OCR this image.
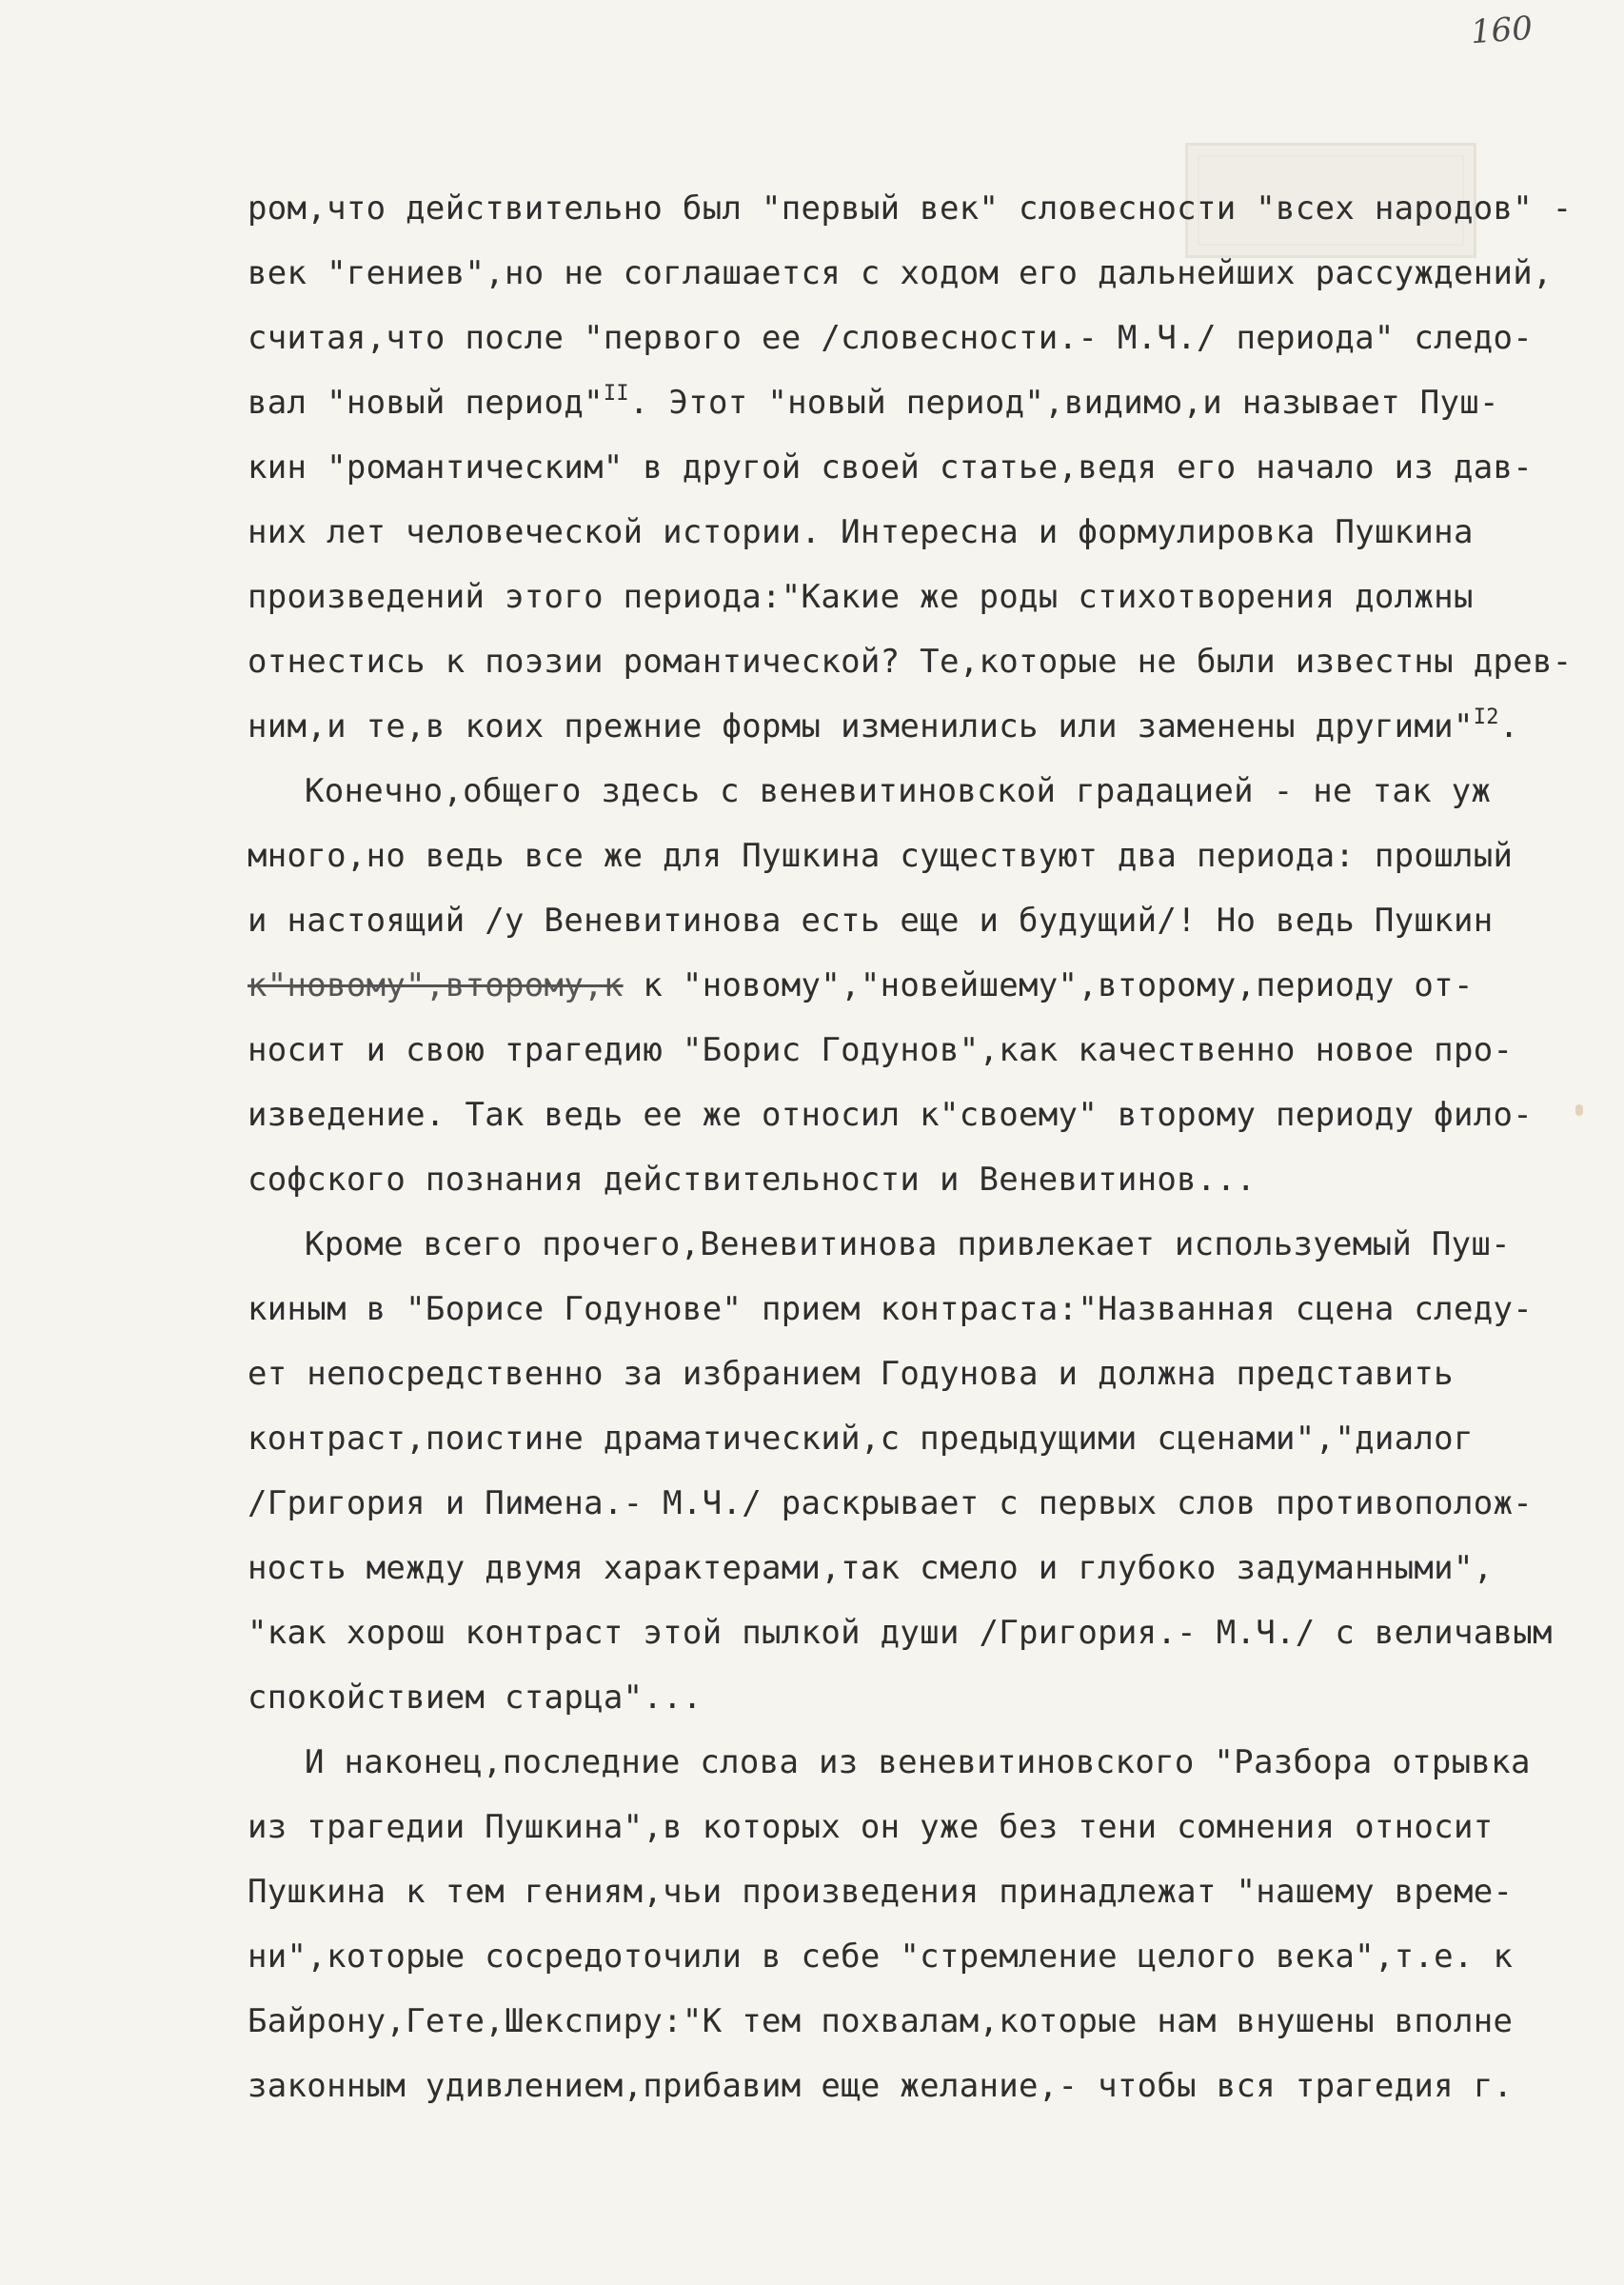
160
ром,что действительно был "первый век" словесности "всех народов" -
век "гениев",но не соглашается с ходом его дальнейших рассуждений,
считая,что после "первого ее /словесности.- М.Ч./ периода" следо-
вал "новый период"$^{II}$. Этот "новый период",видимо,и называет Пуш-
кин "романтическим" в другой своей статье,ведя его начало из дав-
них лет человеческой истории. Интересна и формулировка Пушкина
произведений этого периода:"Какие же роды стихотворения должны
отнестись к поэзии романтической? Те,которые не были известны древ-
ним,и те,в коих прежние формы изменились или заменены другими"$^{I2}$.
Конечно,общего здесь с веневитиновской градацией - не так уж
много,но ведь все же для Пушкина существуют два периода: прошлый
и настоящий /у Веневитинова есть еще и будущий/! Но ведь Пушкин
к"новому",второму,к к "новому","новейшему",второму,периоду от-
носит и свою трагедию "Борис Годунов",как качественно новое про-
изведение. Так ведь ее же относил к"своему" второму периоду фило-
софского познания действительности и Веневитинов...
Кроме всего прочего,Веневитинова привлекает используемый Пуш-
киным в "Борисе Годунове" прием контраста:"Названная сцена следу-
ет непосредственно за избранием Годунова и должна представить
контраст,поистине драматический,с предыдущими сценами","диалог
/Григория и Пимена.- М.Ч./ раскрывает с первых слов противополож-
ность между двумя характерами,так смело и глубоко задуманными",
"как хорош контраст этой пылкой души /Григория.- М.Ч./ с величавым
спокойствием старца"...
И наконец,последние слова из веневитиновского "Разбора отрывка
из трагедии Пушкина",в которых он уже без тени сомнения относит
Пушкина к тем гениям,чьи произведения принадлежат "нашему време-
ни",которые сосредоточили в себе "стремление целого века",т.е. к
Байрону,Гете,Шекспиру:"К тем похвалам,которые нам внушены вполне
законным удивлением,прибавим еще желание,- чтобы вся трагедия г.
